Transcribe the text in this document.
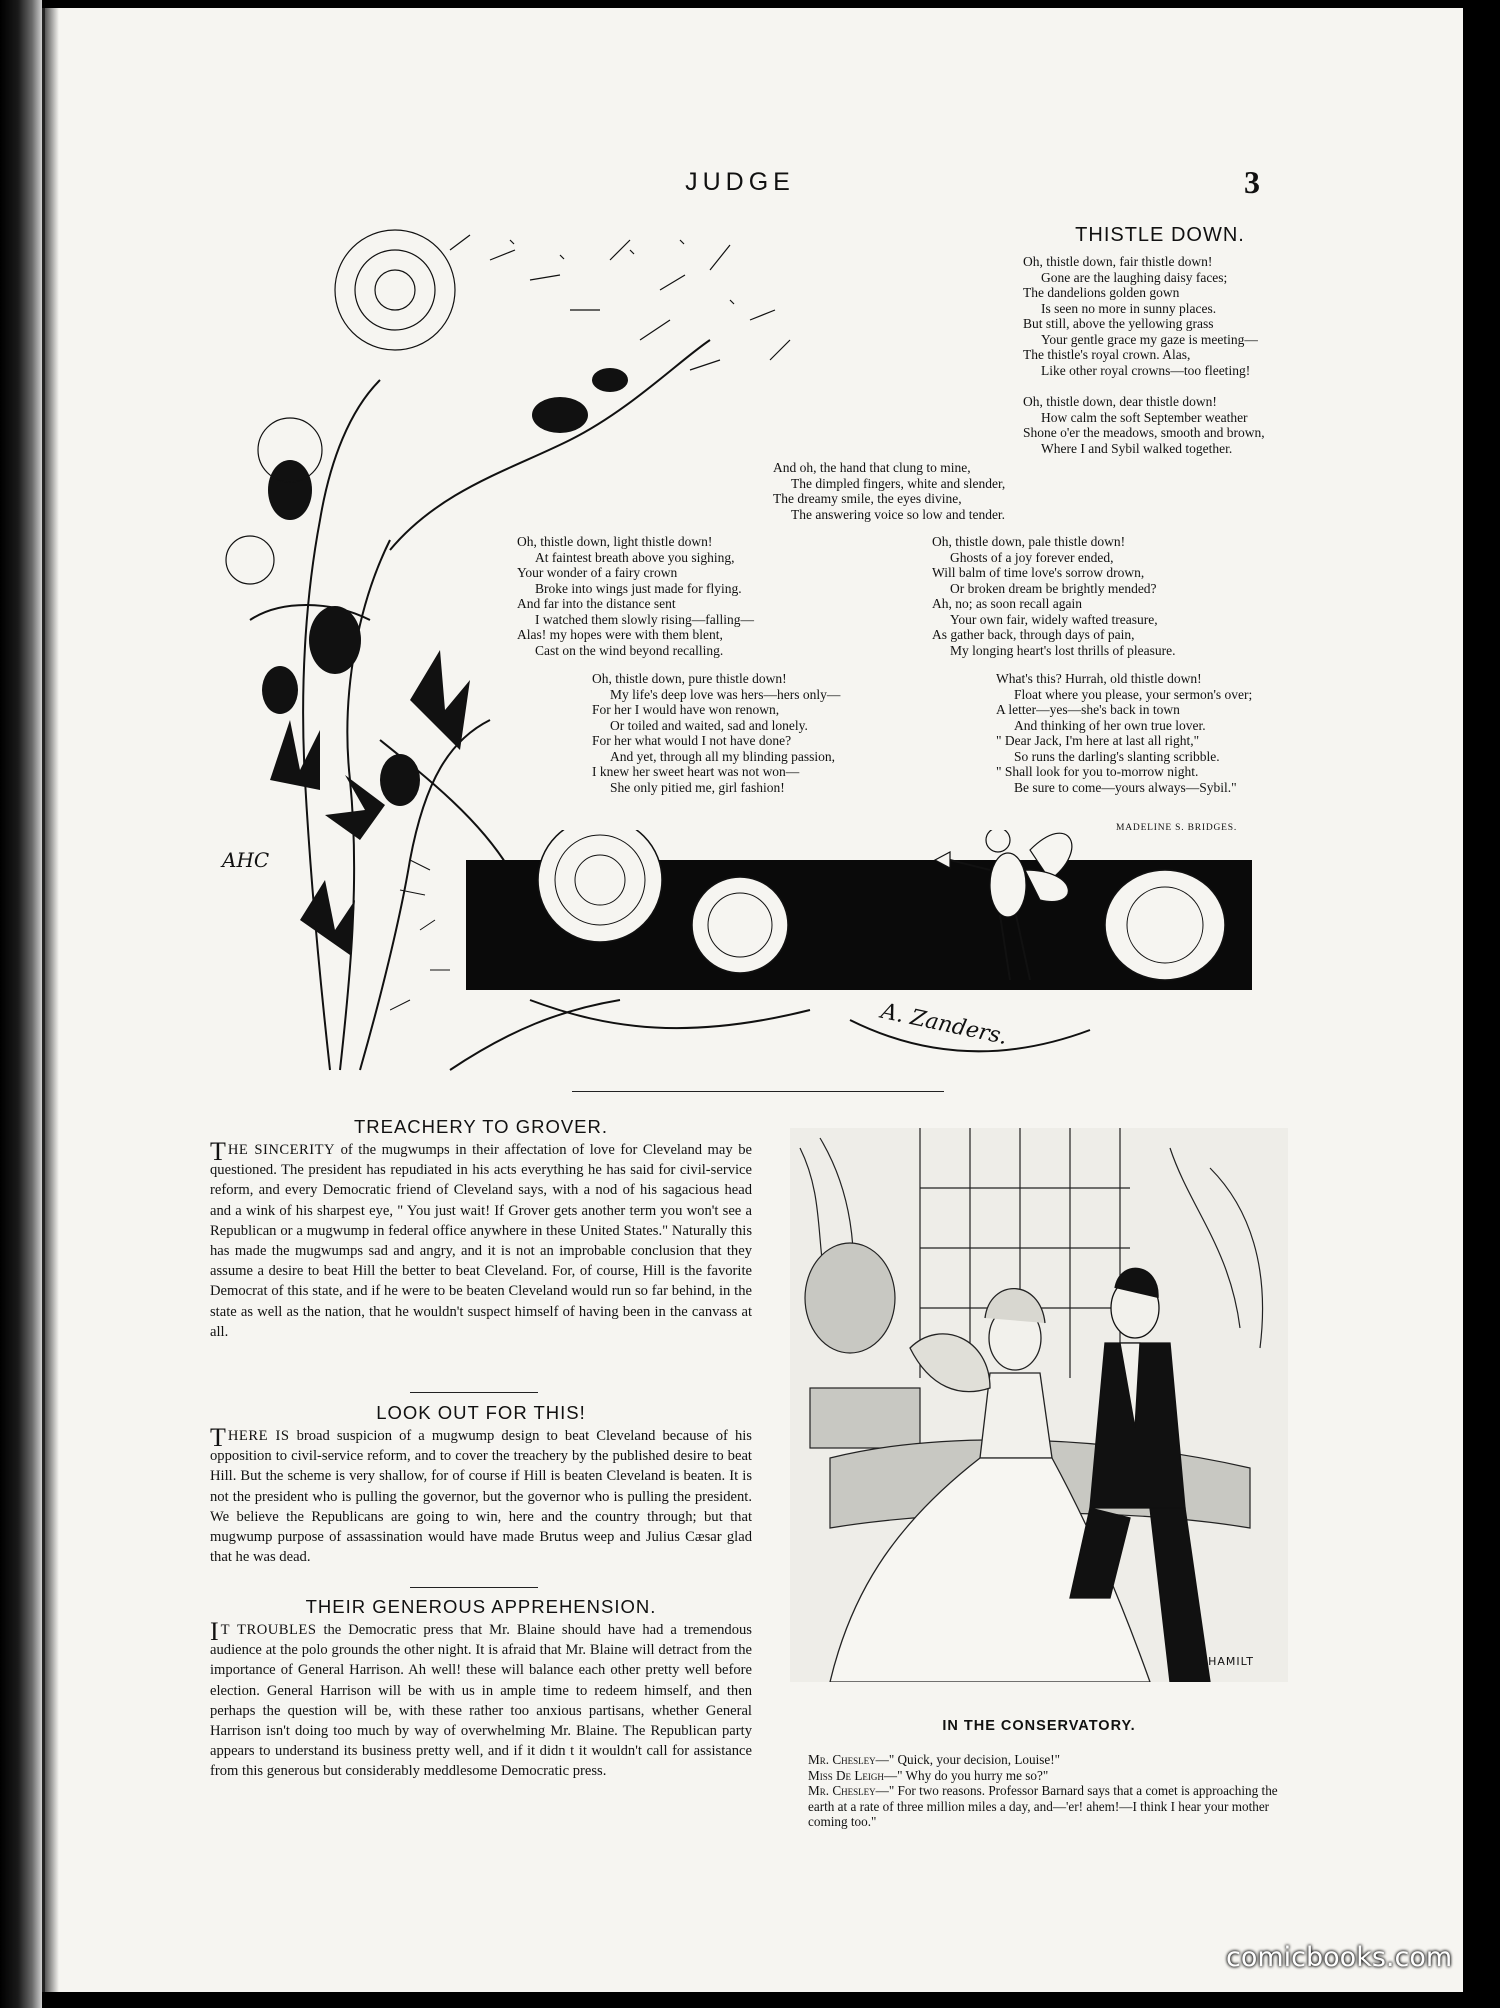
JUDGE	3
AHC
THISTLE DOWN.
Oh, thistle down, fair thistle down!
Gone are the laughing daisy faces;
The dandelions golden gown
Is seen no more in sunny places.
But still, above the yellowing grass
Your gentle grace my gaze is meeting—
The thistle's royal crown. Alas,
Like other royal crowns—too fleeting!
Oh, thistle down, dear thistle down!
How calm the soft September weather
Shone o'er the meadows, smooth and brown,
Where I and Sybil walked together.
And oh, the hand that clung to mine,
The dimpled fingers, white and slender,
The dreamy smile, the eyes divine,
The answering voice so low and tender.
Oh, thistle down, light thistle down!
At faintest breath above you sighing,
Your wonder of a fairy crown
Broke into wings just made for flying.
And far into the distance sent
I watched them slowly rising—falling—
Alas! my hopes were with them blent,
Cast on the wind beyond recalling.
Oh, thistle down, pale thistle down!
Ghosts of a joy forever ended,
Will balm of time love's sorrow drown,
Or broken dream be brightly mended?
Ah, no; as soon recall again
Your own fair, widely wafted treasure,
As gather back, through days of pain,
My longing heart's lost thrills of pleasure.
Oh, thistle down, pure thistle down!
My life's deep love was hers—hers only—
For her I would have won renown,
Or toiled and waited, sad and lonely.
For her what would I not have done?
And yet, through all my blinding passion,
I knew her sweet heart was not won—
She only pitied me, girl fashion!
What's this? Hurrah, old thistle down!
Float where you please, your sermon's over;
A letter—yes—she's back in town
And thinking of her own true lover.
" Dear Jack, I'm here at last all right,"
So runs the darling's slanting scribble.
" Shall look for you to-morrow night.
Be sure to come—yours always—Sybil."
MADELINE S. BRIDGES.
A. Zanders.
TREACHERY TO GROVER.

THE SINCERITY of the mugwumps in their affectation of love for Cleveland may be questioned. The president has repudiated in his acts everything he has said for civil-service reform, and every Democratic friend of Cleveland says, with a nod of his sagacious head and a wink of his sharpest eye, " You just wait! If Grover gets another term you won't see a Republican or a mugwump in federal office anywhere in these United States." Naturally this has made the mugwumps sad and angry, and it is not an improbable conclusion that they assume a desire to beat Hill the better to beat Cleveland. For, of course, Hill is the favorite Democrat of this state, and if he were to be beaten Cleveland would run so far behind, in the state as well as the nation, that he wouldn't suspect himself of having been in the canvass at all.

LOOK OUT FOR THIS!

THERE IS broad suspicion of a mugwump design to beat Cleveland because of his opposition to civil-service reform, and to cover the treachery by the published desire to beat Hill. But the scheme is very shallow, for of course if Hill is beaten Cleveland is beaten. It is not the president who is pulling the governor, but the governor who is pulling the president. We believe the Republicans are going to win, here and the country through; but that mugwump purpose of assassination would have made Brutus weep and Julius Cæsar glad that he was dead.

THEIR GENEROUS APPREHENSION.

I T TROUBLES the Democratic press that Mr. Blaine should have had a tremendous audience at the polo grounds the other night. It is afraid that Mr. Blaine will detract from the importance of General Harrison. Ah well! these will balance each other pretty well before election. General Harrison will be with us in ample time to redeem himself, and then perhaps the question will be, with these rather too anxious partisans, whether General Harrison isn't doing too much by way of overwhelming Mr. Blaine. The Republican party appears to understand its business pretty well, and if it didn t it wouldn't call for assistance from this generous but considerably meddlesome Democratic press.

HAMILT
IN THE CONSERVATORY.

Mr. Chesley—" Quick, your decision, Louise!"
Miss De Leigh—" Why do you hurry me so?"
Mr. Chesley—" For two reasons. Professor Barnard says that a comet is approaching the earth at a rate of three million miles a day, and—'er! ahem!—I think I hear your mother coming too."

comicbooks.com
